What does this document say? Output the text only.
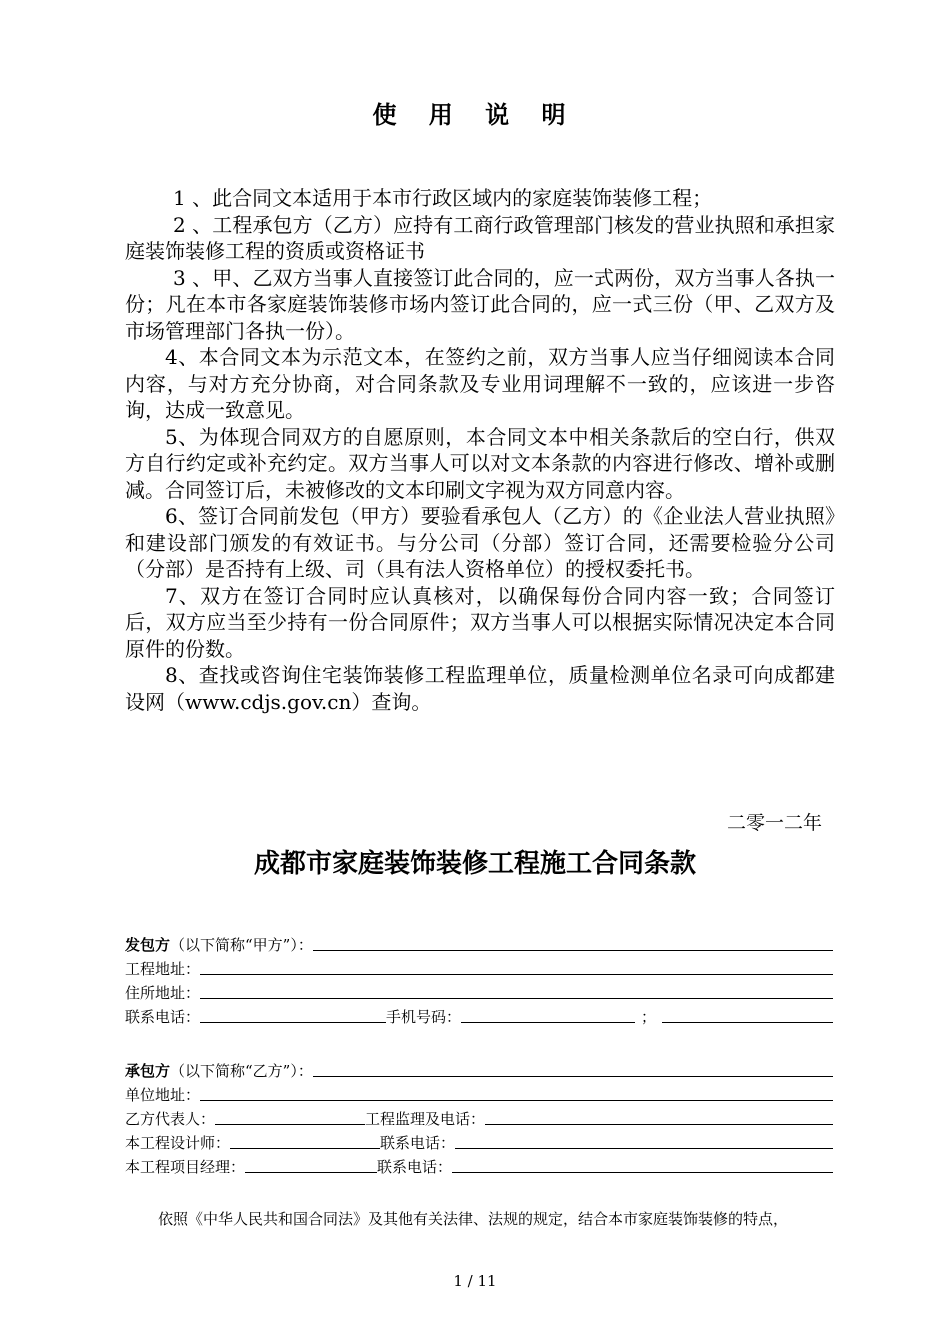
使 用 说 明

1 、此合同文本适用于本市行政区域内的家庭装饰装修工程；

2 、工程承包方（乙方）应持有工商行政管理部门核发的营业执照和承担家庭装饰装修工程的资质或资格证书

3 、甲、乙双方当事人直接签订此合同的，应一式两份，双方当事人各执一份；凡在本市各家庭装饰装修市场内签订此合同的，应一式三份（甲、乙双方及市场管理部门各执一份）。

4、本合同文本为示范文本，在签约之前，双方当事人应当仔细阅读本合同内容，与对方充分协商，对合同条款及专业用词理解不一致的，应该进一步咨询，达成一致意见。

5、为体现合同双方的自愿原则，本合同文本中相关条款后的空白行，供双方自行约定或补充约定。双方当事人可以对文本条款的内容进行修改、增补或删减。合同签订后，未被修改的文本印刷文字视为双方同意内容。

6、签订合同前发包（甲方）要验看承包人（乙方）的《企业法人营业执照》和建设部门颁发的有效证书。与分公司（分部）签订合同，还需要检验分公司（分部）是否持有上级、司（具有法人资格单位）的授权委托书。

7、双方在签订合同时应认真核对，以确保每份合同内容一致；合同签订后，双方应当至少持有一份合同原件；双方当事人可以根据实际情况决定本合同原件的份数。

8、查找或咨询住宅装饰装修工程监理单位，质量检测单位名录可向成都建设网（www.cdjs.gov.cn）查询。

二零一二年

成都市家庭装饰装修工程施工合同条款
发包方（以下简称“甲方”）：
工程地址：
住所地址：
联系电话：	手机号码：	；
承包方（以下简称“乙方”）：
单位地址：
乙方代表人：	工程监理及电话：
本工程设计师：	联系电话：
本工程项目经理：	联系电话：

依照《中华人民共和国合同法》及其他有关法律、法规的规定，结合本市家庭装饰装修的特点，

1 / 11
